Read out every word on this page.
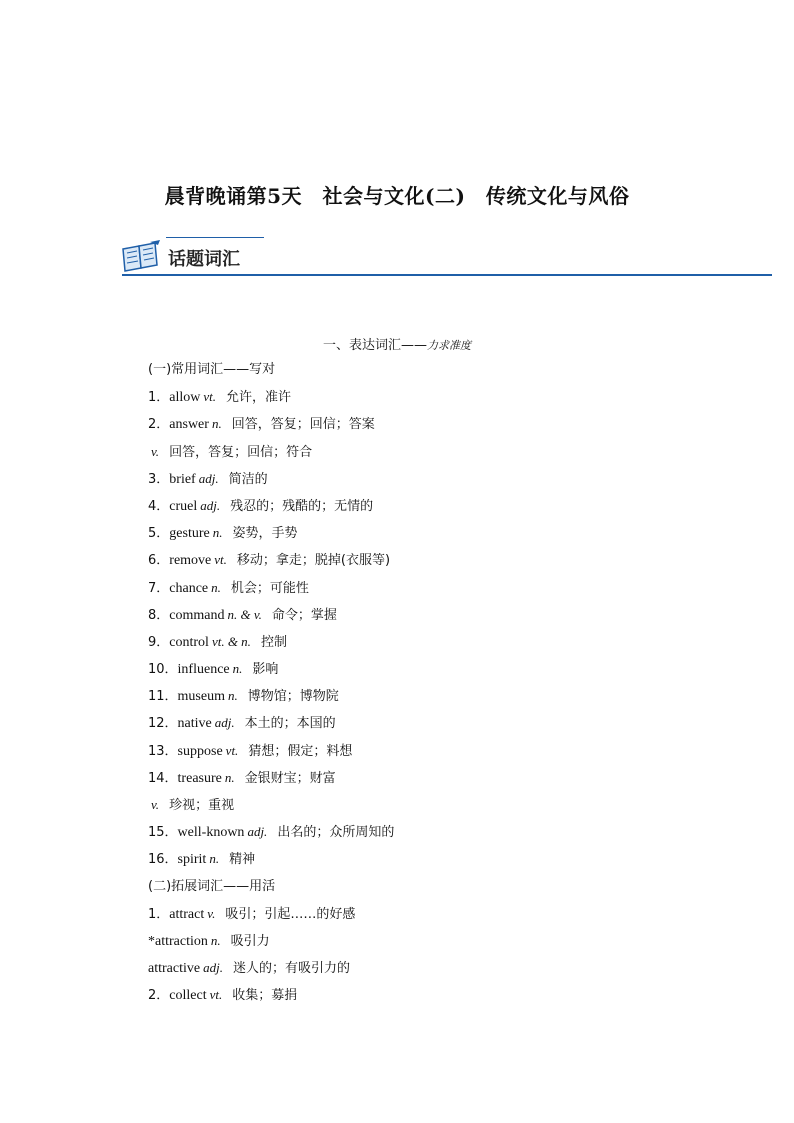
晨背晚诵第5天　社会与文化(二)　传统文化与风俗
话题词汇
一、表达词汇——力求准度
(一)常用词汇——写对
1．allow vt. 允许，准许
2．answer n. 回答，答复；回信；答案
v. 回答，答复；回信；符合
3．brief adj. 简洁的
4．cruel adj. 残忍的；残酷的；无情的
5．gesture n. 姿势，手势
6．remove vt. 移动；拿走；脱掉(衣服等)
7．chance n. 机会；可能性
8．command n. & v. 命令；掌握
9．control vt. & n. 控制
10．influence n. 影响
11．museum n. 博物馆；博物院
12．native adj. 本土的；本国的
13．suppose vt. 猜想；假定；料想
14．treasure n. 金银财宝；财富
v. 珍视；重视
15．well-known adj. 出名的；众所周知的
16．spirit n. 精神
(二)拓展词汇——用活
1．attract v. 吸引；引起……的好感
*attraction n. 吸引力
attractive adj. 迷人的；有吸引力的
2．collect vt. 收集；募捐
